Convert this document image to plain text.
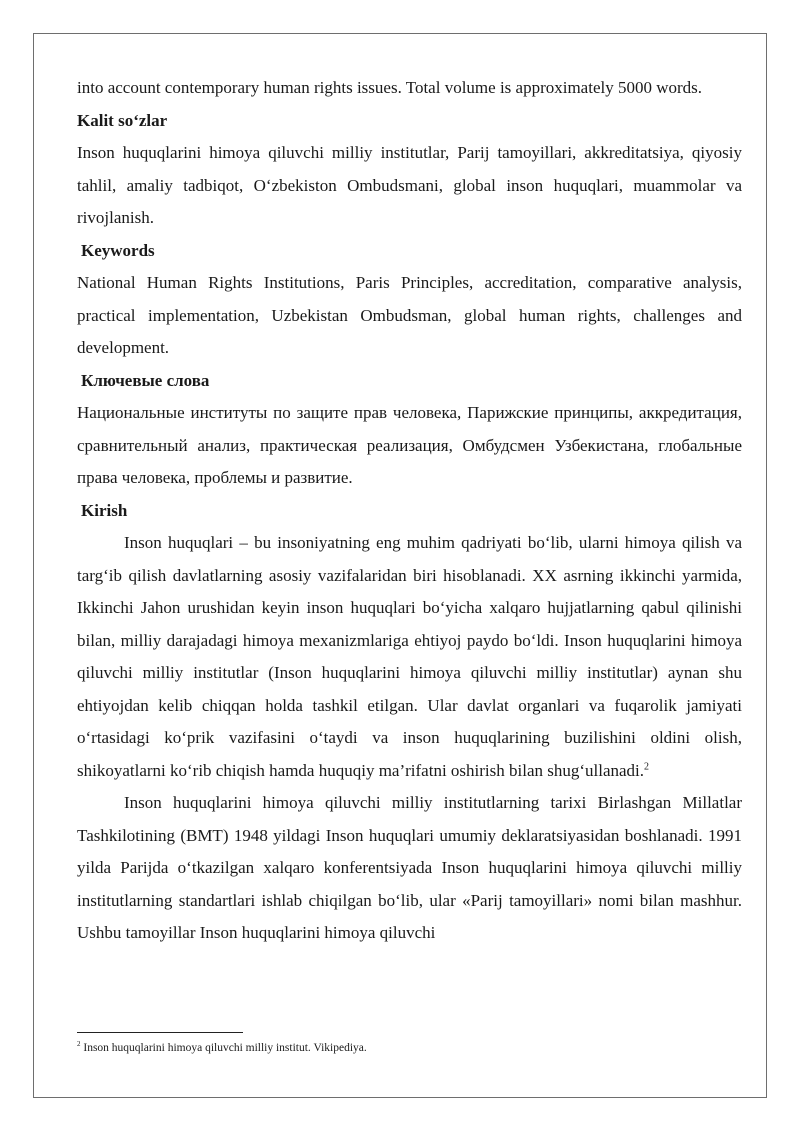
into account contemporary human rights issues. Total volume is approximately 5000 words.

Kalit so‘zlar

Inson huquqlarini himoya qiluvchi milliy institutlar, Parij tamoyillari, akkreditatsiya, qiyosiy tahlil, amaliy tadbiqot, O‘zbekiston Ombudsmani, global inson huquqlari, muammolar va rivojlanish.

Keywords

National Human Rights Institutions, Paris Principles, accreditation, comparative analysis, practical implementation, Uzbekistan Ombudsman, global human rights, challenges and development.

Ключевые слова

Национальные институты по защите прав человека, Парижские принципы, аккредитация, сравнительный анализ, практическая реализация, Омбудсмен Узбекистана, глобальные права человека, проблемы и развитие.

Kirish

Inson huquqlari – bu insoniyatning eng muhim qadriyati bo‘lib, ularni himoya qilish va targ‘ib qilish davlatlarning asosiy vazifalaridan biri hisoblanadi. XX asrning ikkinchi yarmida, Ikkinchi Jahon urushidan keyin inson huquqlari bo‘yicha xalqaro hujjatlarning qabul qilinishi bilan, milliy darajadagi himoya mexanizmlariga ehtiyoj paydo bo‘ldi. Inson huquqlarini himoya qiluvchi milliy institutlar (Inson huquqlarini himoya qiluvchi milliy institutlar) aynan shu ehtiyojdan kelib chiqqan holda tashkil etilgan. Ular davlat organlari va fuqarolik jamiyati o‘rtasidagi ko‘prik vazifasini o‘taydi va inson huquqlarining buzilishini oldini olish, shikoyatlarni ko‘rib chiqish hamda huquqiy ma’rifatni oshirish bilan shug‘ullanadi.$^2$

Inson huquqlarini himoya qiluvchi milliy institutlarning tarixi Birlashgan Millatlar Tashkilotining (BMT) 1948 yildagi Inson huquqlari umumiy deklaratsiyasidan boshlanadi. 1991 yilda Parijda o‘tkazilgan xalqaro konferentsiyada Inson huquqlarini himoya qiluvchi milliy institutlarning standartlari ishlab chiqilgan bo‘lib, ular «Parij tamoyillari» nomi bilan mashhur. Ushbu tamoyillar Inson huquqlarini himoya qiluvchi

$^2$ Inson huquqlarini himoya qiluvchi milliy institut. Vikipediya.
